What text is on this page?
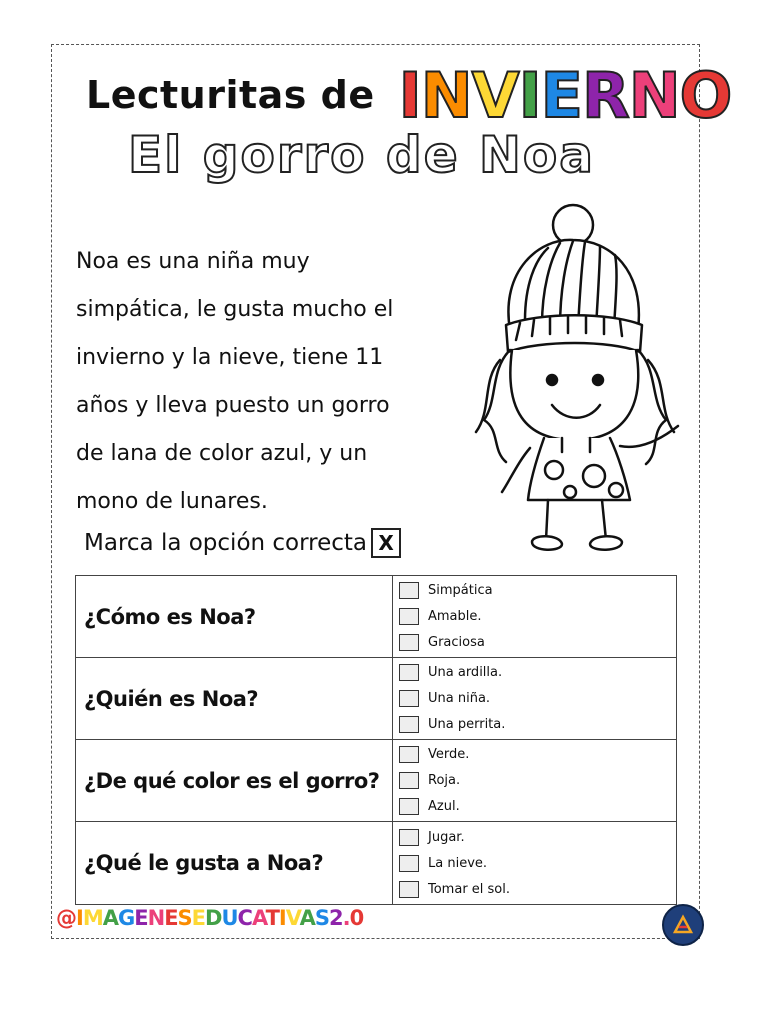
Lecturitas de INVIERNO
El gorro de Noa
Noa es una niña muy
simpática, le gusta mucho el
invierno y la nieve, tiene 11
años y lleva puesto un gorro
de lana de color azul, y un
mono de lunares.
Marca la opción correcta X
¿Cómo es Noa?
Simpática
Amable.
Graciosa
¿Quién es Noa?
Una ardilla.
Una niña.
Una perrita.
¿De qué color es el gorro?
Verde.
Roja.
Azul.
¿Qué le gusta a Noa?
Jugar.
La nieve.
Tomar el sol.
@IMAGENESEDUCATIVAS2.0
